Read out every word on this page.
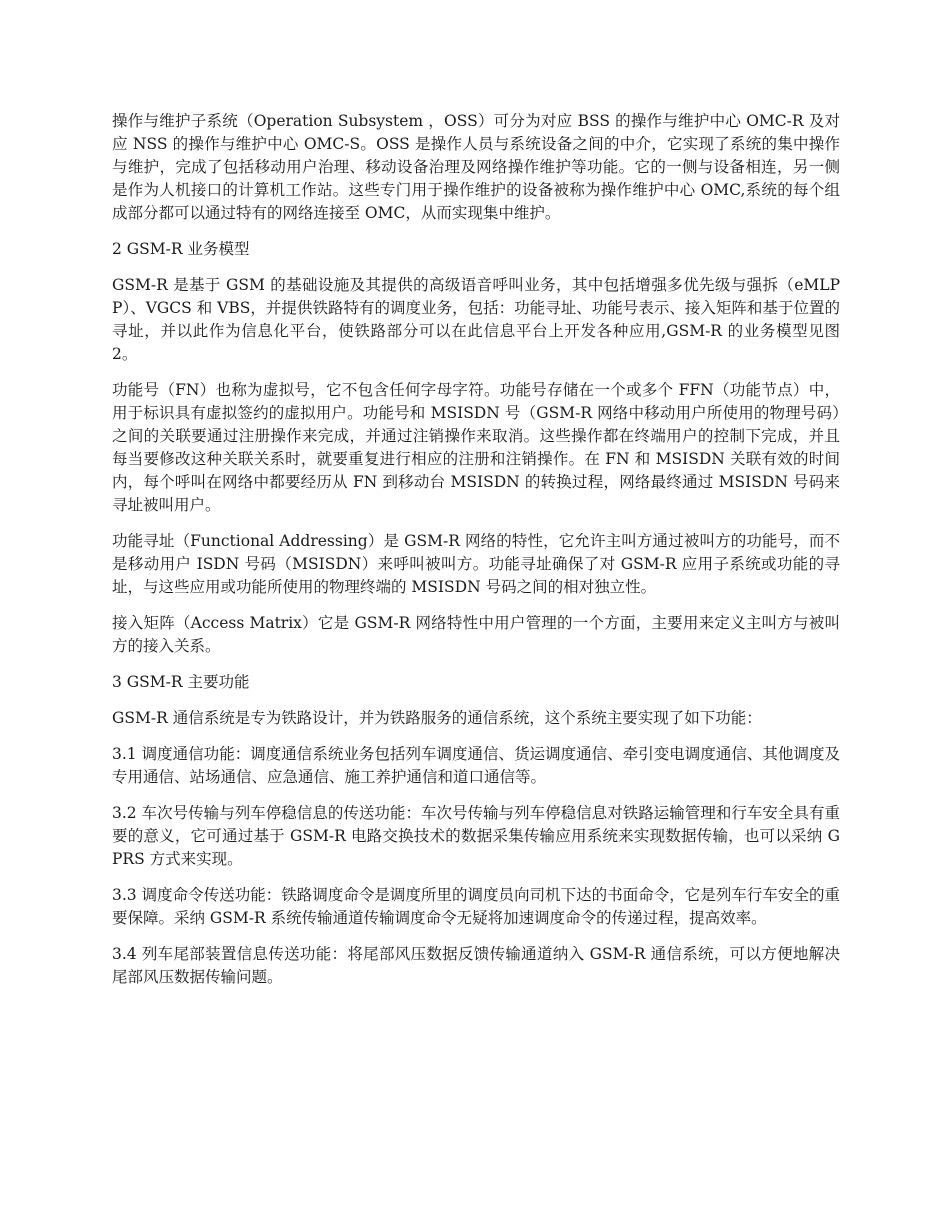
操作与维护子系统（Operation Subsystem ，OSS）可分为对应 BSS 的操作与维护中心 OMC-R 及对应 NSS 的操作与维护中心 OMC-S。OSS 是操作人员与系统设备之间的中介，它实现了系统的集中操作与维护，完成了包括移动用户治理、移动设备治理及网络操作维护等功能。它的一侧与设备相连，另一侧是作为人机接口的计算机工作站。这些专门用于操作维护的设备被称为操作维护中心 OMC,系统的每个组成部分都可以通过特有的网络连接至 OMC，从而实现集中维护。

2 GSM-R 业务模型

GSM-R 是基于 GSM 的基础设施及其提供的高级语音呼叫业务，其中包括增强多优先级与强拆（eMLPP）、VGCS 和 VBS，并提供铁路特有的调度业务，包括：功能寻址、功能号表示、接入矩阵和基于位置的寻址，并以此作为信息化平台，使铁路部分可以在此信息平台上开发各种应用,GSM-R 的业务模型见图 2。

功能号（FN）也称为虚拟号，它不包含任何字母字符。功能号存储在一个或多个 FFN（功能节点）中，用于标识具有虚拟签约的虚拟用户。功能号和 MSISDN 号（GSM-R 网络中移动用户所使用的物理号码）之间的关联要通过注册操作来完成，并通过注销操作来取消。这些操作都在终端用户的控制下完成，并且每当要修改这种关联关系时，就要重复进行相应的注册和注销操作。在 FN 和 MSISDN 关联有效的时间内，每个呼叫在网络中都要经历从 FN 到移动台 MSISDN 的转换过程，网络最终通过 MSISDN 号码来寻址被叫用户。

功能寻址（Functional Addressing）是 GSM-R 网络的特性，它允许主叫方通过被叫方的功能号，而不是移动用户 ISDN 号码（MSISDN）来呼叫被叫方。功能寻址确保了对 GSM-R 应用子系统或功能的寻址，与这些应用或功能所使用的物理终端的 MSISDN 号码之间的相对独立性。

接入矩阵（Access Matrix）它是 GSM-R 网络特性中用户管理的一个方面，主要用来定义主叫方与被叫方的接入关系。

3 GSM-R 主要功能

GSM-R 通信系统是专为铁路设计，并为铁路服务的通信系统，这个系统主要实现了如下功能：

3.1 调度通信功能：调度通信系统业务包括列车调度通信、货运调度通信、牵引变电调度通信、其他调度及专用通信、站场通信、应急通信、施工养护通信和道口通信等。

3.2 车次号传输与列车停稳信息的传送功能：车次号传输与列车停稳信息对铁路运输管理和行车安全具有重要的意义，它可通过基于 GSM-R 电路交换技术的数据采集传输应用系统来实现数据传输，也可以采纳 GPRS 方式来实现。

3.3 调度命令传送功能：铁路调度命令是调度所里的调度员向司机下达的书面命令，它是列车行车安全的重要保障。采纳 GSM-R 系统传输通道传输调度命令无疑将加速调度命令的传递过程，提高效率。

3.4 列车尾部装置信息传送功能：将尾部风压数据反馈传输通道纳入 GSM-R 通信系统，可以方便地解决尾部风压数据传输问题。
